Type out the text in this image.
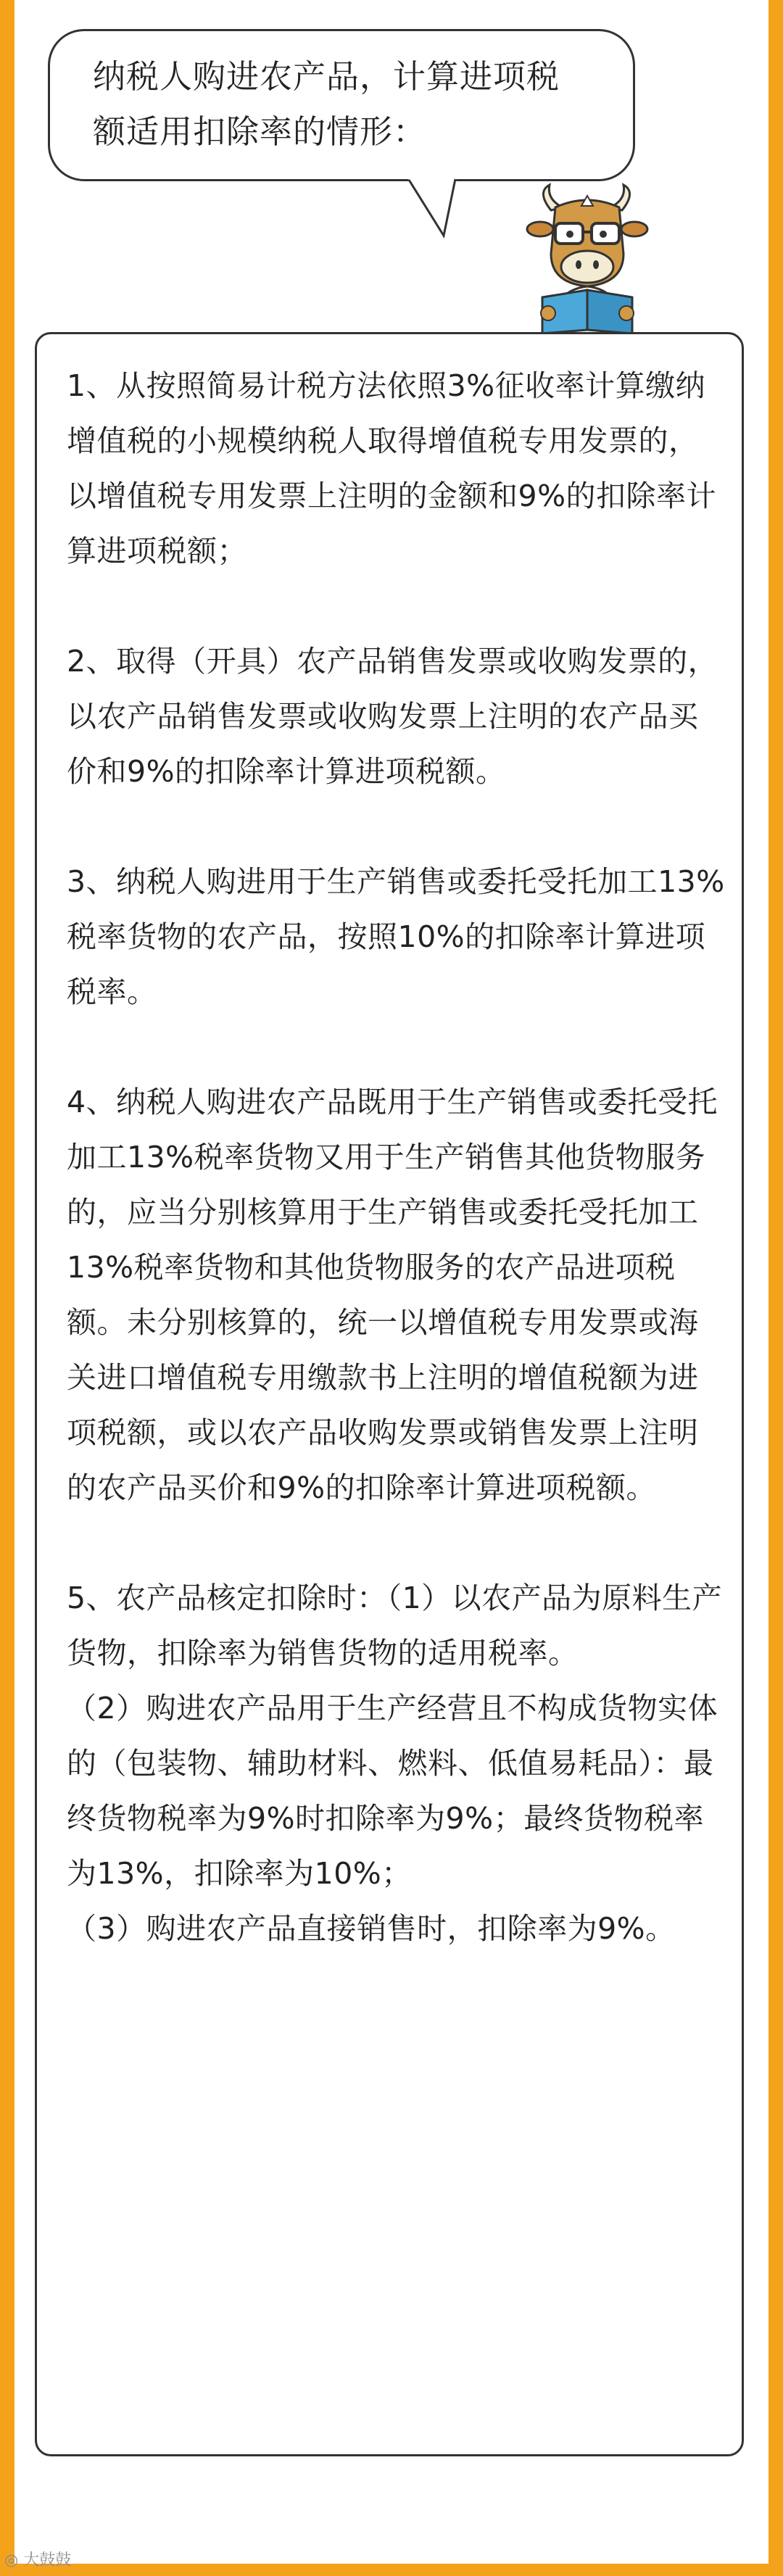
纳税人购进农产品，计算进项税
额适用扣除率的情形：

1、从按照简易计税方法依照3%征收率计算缴纳增值税的小规模纳税人取得增值税专用发票的，以增值税专用发票上注明的金额和9%的扣除率计算进项税额；

2、取得（开具）农产品销售发票或收购发票的，以农产品销售发票或收购发票上注明的农产品买价和9%的扣除率计算进项税额。

3、纳税人购进用于生产销售或委托受托加工13%税率货物的农产品，按照10%的扣除率计算进项税率。

4、纳税人购进农产品既用于生产销售或委托受托加工13%税率货物又用于生产销售其他货物服务的，应当分别核算用于生产销售或委托受托加工13%税率货物和其他货物服务的农产品进项税额。未分别核算的，统一以增值税专用发票或海关进口增值税专用缴款书上注明的增值税额为进项税额，或以农产品收购发票或销售发票上注明的农产品买价和9%的扣除率计算进项税额。

5、农产品核定扣除时：（1）以农产品为原料生产货物，扣除率为销售货物的适用税率。

（2）购进农产品用于生产经营且不构成货物实体的（包装物、辅助材料、燃料、低值易耗品）：最终货物税率为9%时扣除率为9%；最终货物税率为13%，扣除率为10%；

（3）购进农产品直接销售时，扣除率为9%。

◎ 大鼓鼓
